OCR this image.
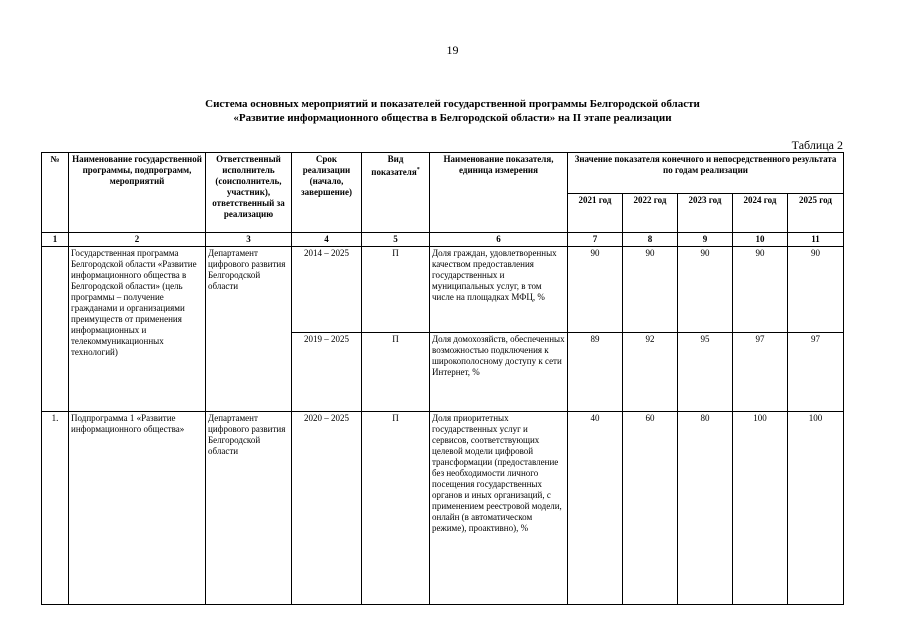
19
Система основных мероприятий и показателей государственной программы Белгородской области
«Развитие информационного общества в Белгородской области» на II этапе реализации
Таблица 2
№	Наименование государственной программы, подпрограмм, мероприятий	Ответственный исполнитель (соисполнитель, участник), ответственный за реализацию	Срок реализации (начало, завершение)	Вид показателя*	Наименование показателя, единица измерения	Значение показателя конечного и непосредственного результата по годам реализации				
						2021 год	2022 год	2023 год	2024 год	2025 год
1	2	3	4	5	6	7	8	9	10	11
	Государственная программа Белгородской области «Развитие информационного общества в Белгородской области» (цель программы – получение гражданами и организациями преимуществ от применения информационных и телекоммуникационных технологий)	Департамент цифрового развития Белгородской области	2014 – 2025	П	Доля граждан, удовлетворенных качеством предоставления государственных и муниципальных услуг, в том числе на площадках МФЦ, %	90	90	90	90	90
			2019 – 2025	П	Доля домохозяйств, обеспеченных возможностью подключения к широкополосному доступу к сети Интернет, %	89	92	95	97	97
1.	Подпрограмма 1 «Развитие информационного общества»	Департамент цифрового развития Белгородской области	2020 – 2025	П	Доля приоритетных государственных услуг и сервисов, соответствующих целевой модели цифровой трансформации (предоставление без необходимости личного посещения государственных органов и иных организаций, с применением реестровой модели, онлайн (в автоматическом режиме), проактивно), %	40	60	80	100	100
